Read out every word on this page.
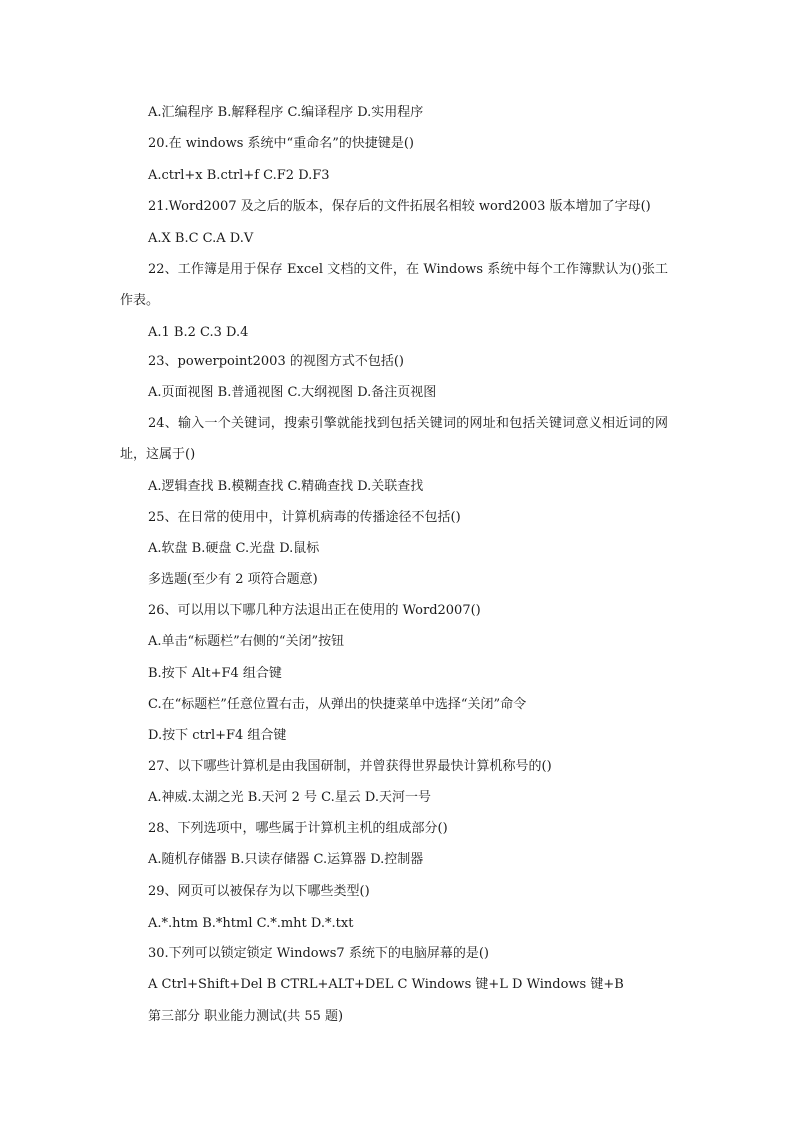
A.汇编程序 B.解释程序 C.编译程序 D.实用程序
20.在 windows 系统中“重命名”的快捷键是()
A.ctrl+x B.ctrl+f C.F2 D.F3
21.Word2007 及之后的版本，保存后的文件拓展名相较 word2003 版本增加了字母()
A.X B.C C.A D.V
22、工作簿是用于保存 Excel 文档的文件，在 Windows 系统中每个工作簿默认为()张工作表。
A.1 B.2 C.3 D.4
23、powerpoint2003 的视图方式不包括()
A.页面视图 B.普通视图 C.大纲视图 D.备注页视图
24、输入一个关键词，搜索引擎就能找到包括关键词的网址和包括关键词意义相近词的网址，这属于()
A.逻辑查找 B.模糊查找 C.精确查找 D.关联查找
25、在日常的使用中，计算机病毒的传播途径不包括()
A.软盘 B.硬盘 C.光盘 D.鼠标
多选题(至少有 2 项符合题意)
26、可以用以下哪几种方法退出正在使用的 Word2007()
A.单击“标题栏”右侧的“关闭”按钮
B.按下 Alt+F4 组合键
C.在“标题栏”任意位置右击，从弹出的快捷菜单中选择“关闭”命令
D.按下 ctrl+F4 组合键
27、以下哪些计算机是由我国研制，并曾获得世界最快计算机称号的()
A.神威.太湖之光 B.天河 2 号 C.星云 D.天河一号
28、下列选项中，哪些属于计算机主机的组成部分()
A.随机存储器 B.只读存储器 C.运算器 D.控制器
29、网页可以被保存为以下哪些类型()
A.*.htm B.*html C.*.mht D.*.txt
30.下列可以锁定锁定 Windows7 系统下的电脑屏幕的是()
A Ctrl+Shift+Del B CTRL+ALT+DEL C Windows 键+L D Windows 键+B
第三部分 职业能力测试(共 55 题)
